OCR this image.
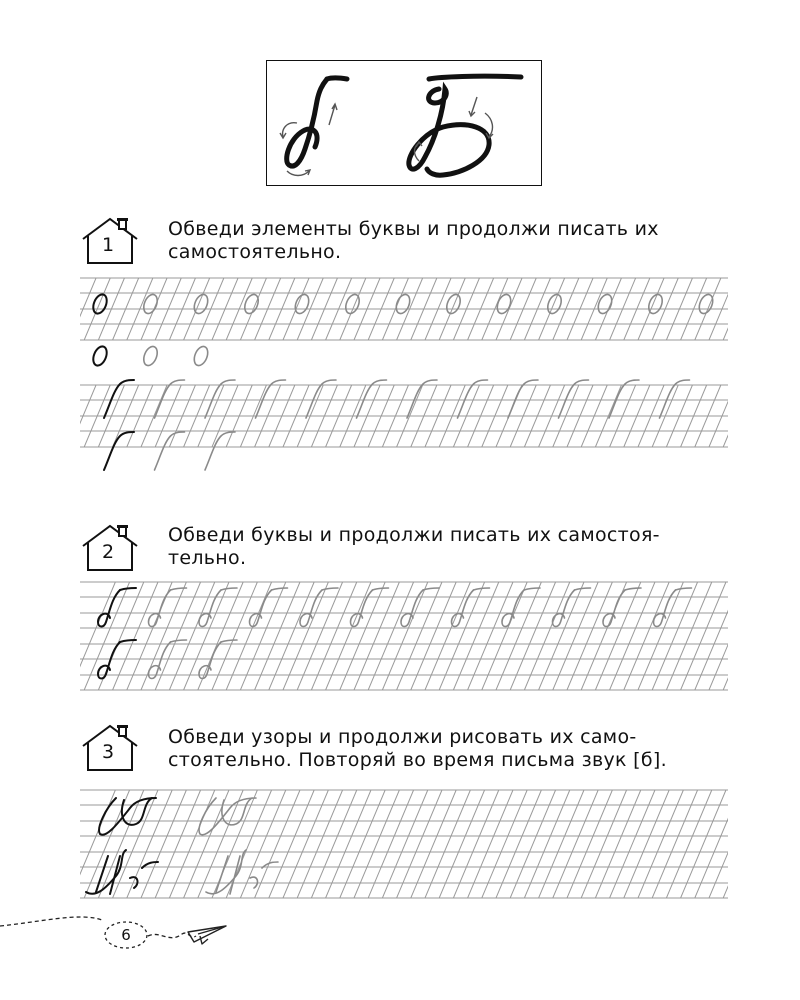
1
Обведи элементы буквы и продолжи писать их
самостоятельно.
2
Обведи буквы и продолжи писать их самостоя-
тельно.
3
Обведи узоры и продолжи рисовать их само-
стоятельно. Повторяй во время письма звук [б].
6
